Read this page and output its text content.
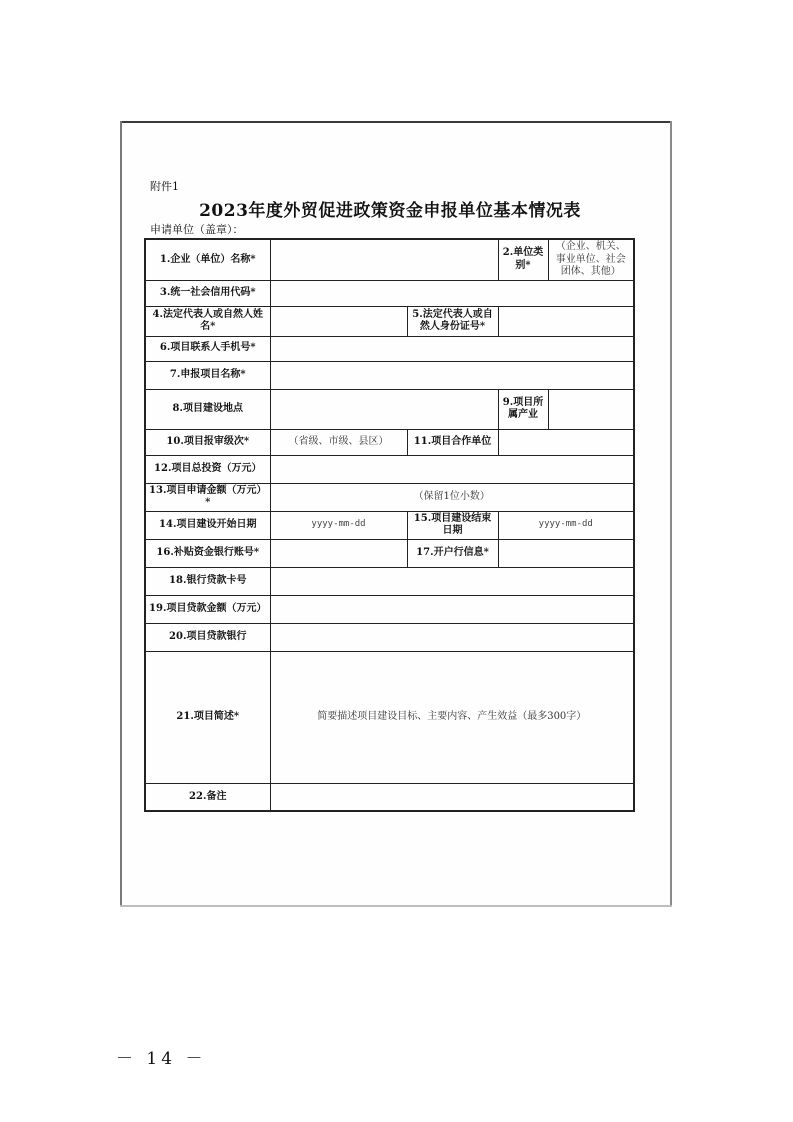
附件1
2023年度外贸促进政策资金申报单位基本情况表
申请单位（盖章）：
1.企业（单位）名称*			2.单位类别*	（企业、机关、事业单位、社会团体、其他）
3.统一社会信用代码*				
4.法定代表人或自然人姓名*		5.法定代表人或自然人身份证号*		
6.项目联系人手机号*				
7.申报项目名称*				
8.项目建设地点			9.项目所属产业	
10.项目报审级次*	（省级、市级、县区）	11.项目合作单位		
12.项目总投资（万元）				
13.项目申请金额（万元）*	（保留1位小数）			
14.项目建设开始日期	yyyy-mm-dd	15.项目建设结束日期	yyyy-mm-dd	
16.补贴资金银行账号*		17.开户行信息*		
18.银行贷款卡号				
19.项目贷款金额（万元）				
20.项目贷款银行				
21.项目简述*	简要描述项目建设目标、主要内容、产生效益（最多300字）			
22.备注				
－ 14 －
